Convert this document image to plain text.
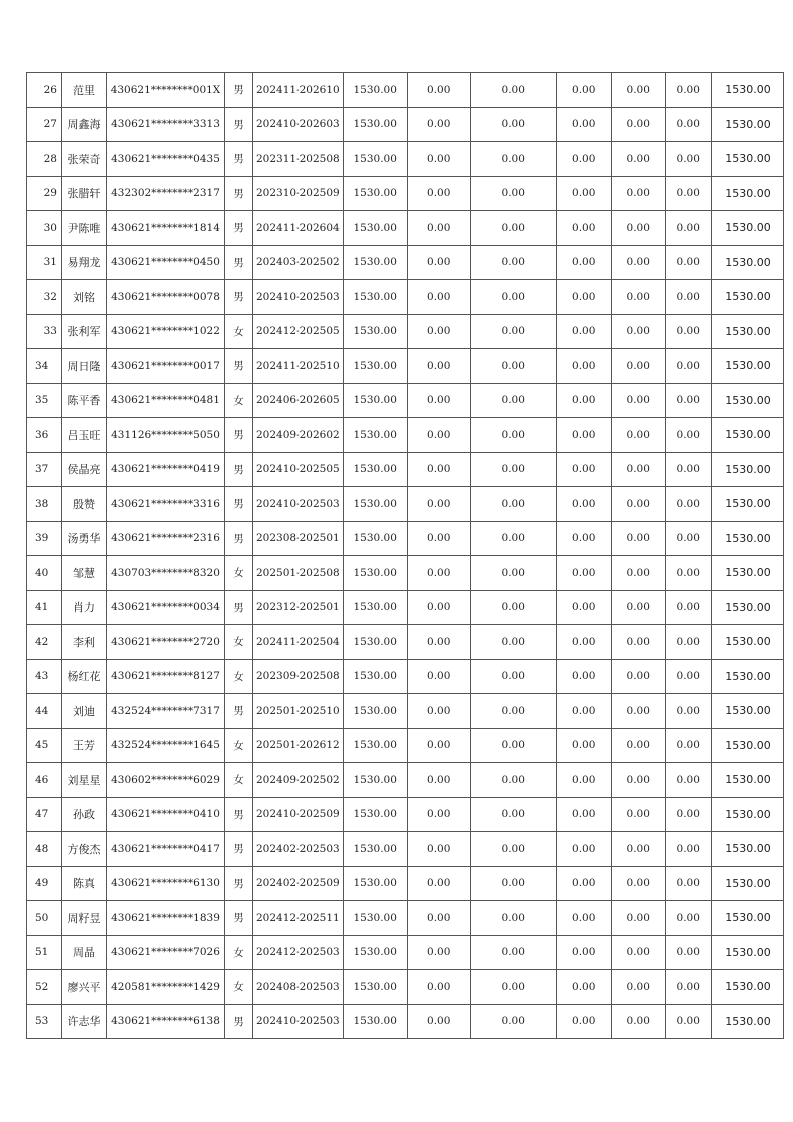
26	范里	430621********001X	男	202411-202610	1530.00	0.00	0.00	0.00	0.00	0.00	1530.00
27	周鑫海	430621********3313	男	202410-202603	1530.00	0.00	0.00	0.00	0.00	0.00	1530.00
28	张荣奇	430621********0435	男	202311-202508	1530.00	0.00	0.00	0.00	0.00	0.00	1530.00
29	张腊轩	432302********2317	男	202310-202509	1530.00	0.00	0.00	0.00	0.00	0.00	1530.00
30	尹陈唯	430621********1814	男	202411-202604	1530.00	0.00	0.00	0.00	0.00	0.00	1530.00
31	易翔龙	430621********0450	男	202403-202502	1530.00	0.00	0.00	0.00	0.00	0.00	1530.00
32	刘铭	430621********0078	男	202410-202503	1530.00	0.00	0.00	0.00	0.00	0.00	1530.00
33	张利军	430621********1022	女	202412-202505	1530.00	0.00	0.00	0.00	0.00	0.00	1530.00
34	周日隆	430621********0017	男	202411-202510	1530.00	0.00	0.00	0.00	0.00	0.00	1530.00
35	陈平香	430621********0481	女	202406-202605	1530.00	0.00	0.00	0.00	0.00	0.00	1530.00
36	吕玉旺	431126********5050	男	202409-202602	1530.00	0.00	0.00	0.00	0.00	0.00	1530.00
37	侯晶亮	430621********0419	男	202410-202505	1530.00	0.00	0.00	0.00	0.00	0.00	1530.00
38	殷赞	430621********3316	男	202410-202503	1530.00	0.00	0.00	0.00	0.00	0.00	1530.00
39	汤勇华	430621********2316	男	202308-202501	1530.00	0.00	0.00	0.00	0.00	0.00	1530.00
40	邹慧	430703********8320	女	202501-202508	1530.00	0.00	0.00	0.00	0.00	0.00	1530.00
41	肖力	430621********0034	男	202312-202501	1530.00	0.00	0.00	0.00	0.00	0.00	1530.00
42	李利	430621********2720	女	202411-202504	1530.00	0.00	0.00	0.00	0.00	0.00	1530.00
43	杨红花	430621********8127	女	202309-202508	1530.00	0.00	0.00	0.00	0.00	0.00	1530.00
44	刘迪	432524********7317	男	202501-202510	1530.00	0.00	0.00	0.00	0.00	0.00	1530.00
45	王芳	432524********1645	女	202501-202612	1530.00	0.00	0.00	0.00	0.00	0.00	1530.00
46	刘星星	430602********6029	女	202409-202502	1530.00	0.00	0.00	0.00	0.00	0.00	1530.00
47	孙政	430621********0410	男	202410-202509	1530.00	0.00	0.00	0.00	0.00	0.00	1530.00
48	方俊杰	430621********0417	男	202402-202503	1530.00	0.00	0.00	0.00	0.00	0.00	1530.00
49	陈真	430621********6130	男	202402-202509	1530.00	0.00	0.00	0.00	0.00	0.00	1530.00
50	周籽昱	430621********1839	男	202412-202511	1530.00	0.00	0.00	0.00	0.00	0.00	1530.00
51	周晶	430621********7026	女	202412-202503	1530.00	0.00	0.00	0.00	0.00	0.00	1530.00
52	廖兴平	420581********1429	女	202408-202503	1530.00	0.00	0.00	0.00	0.00	0.00	1530.00
53	许志华	430621********6138	男	202410-202503	1530.00	0.00	0.00	0.00	0.00	0.00	1530.00
